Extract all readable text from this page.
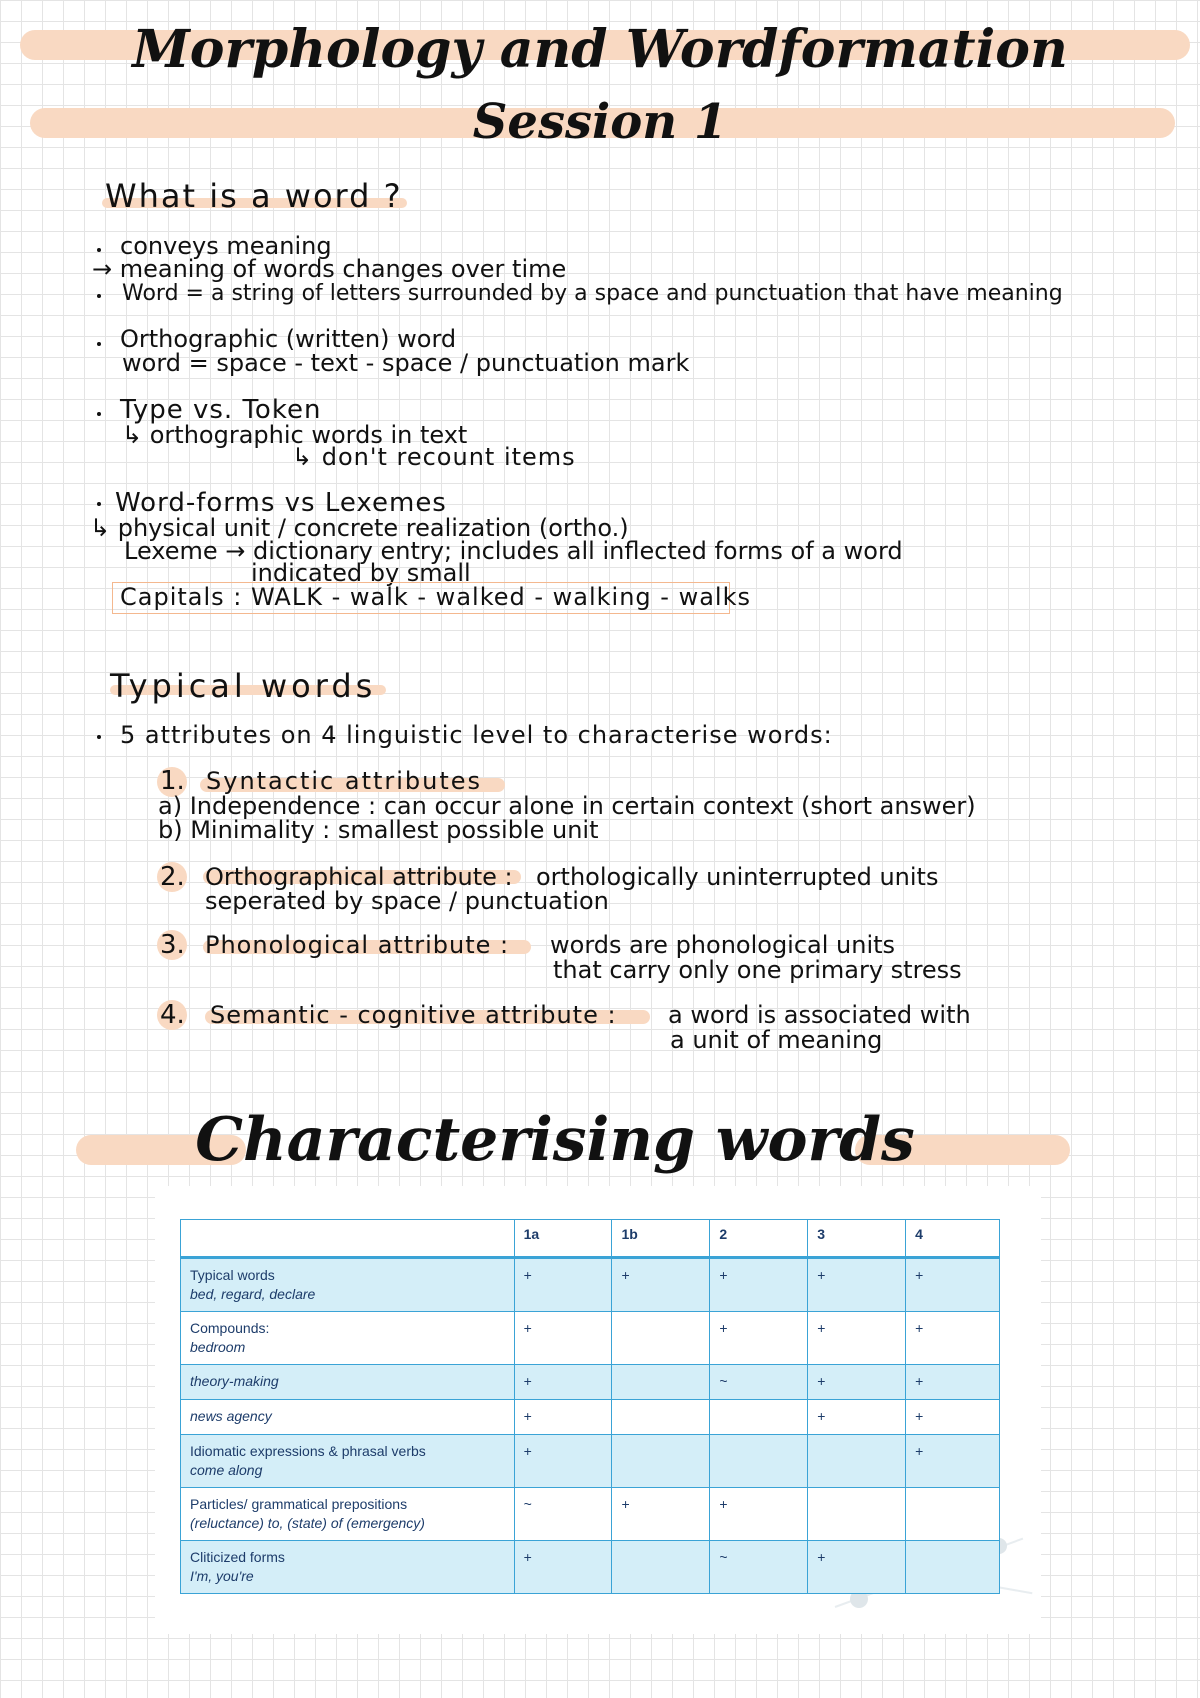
Morphology and Wordformation
Session 1
What is a word ?
conveys meaning
→ meaning of words changes over time
Word = a string of letters surrounded by a space and punctuation that have meaning
Orthographic (written) word
word = space - text - space / punctuation mark
Type vs. Token
↳ orthographic words in text
↳ don't recount items
Word-forms vs Lexemes
↳ physical unit / concrete realization (ortho.)
Lexeme → dictionary entry; includes all inflected forms of a word
indicated by small
Capitals : WALK - walk - walked - walking - walks
Typical words
5 attributes on 4 linguistic level to characterise words:
1. Syntactic attributes
a) Independence : can occur alone in certain context (short answer)
b) Minimality : smallest possible unit
2. Orthographical attribute : orthologically uninterrupted units
seperated by space / punctuation
3. Phonological attribute : words are phonological units
that carry only one primary stress
4. Semantic - cognitive attribute : a word is associated with
a unit of meaning
Characterising words
	1a	1b	2	3	4
Typical words
bed, regard, declare	+	+	+	+	+
Compounds:
bedroom	+		+	+	+
theory-making	+		~	+	+
news agency	+			+	+
Idiomatic expressions & phrasal verbs
come along	+				+
Particles/ grammatical prepositions
(reluctance) to, (state) of (emergency)	~	+	+		
Cliticized forms
I'm, you're	+		~	+	
